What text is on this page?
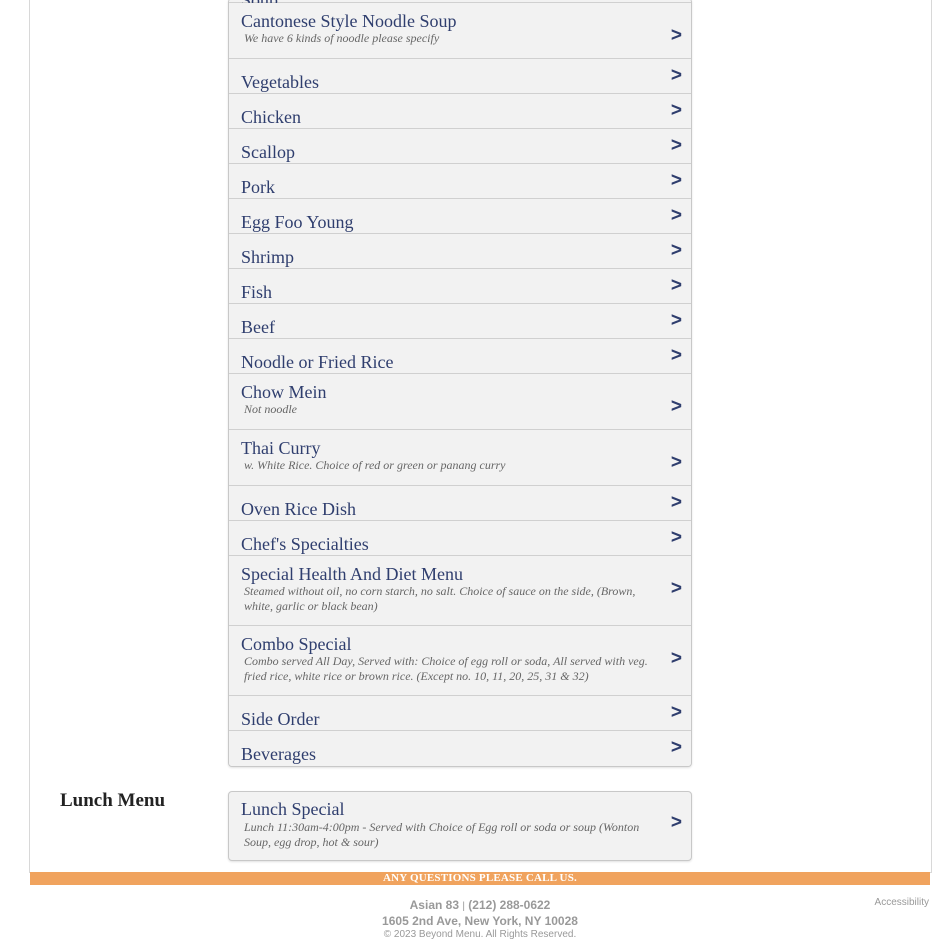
Cantonese Style Noodle Soup
We have 6 kinds of noodle please specify	>
Vegetables	>
Chicken	>
Scallop	>
Pork	>
Egg Foo Young	>
Shrimp	>
Fish	>
Beef	>
Noodle or Fried Rice	>
Chow Mein
Not noodle	>
Thai Curry
w. White Rice. Choice of red or green or panang curry	>
Oven Rice Dish	>
Chef's Specialties	>
Special Health And Diet Menu
Steamed without oil, no corn starch, no salt. Choice of sauce on the side, (Brown, white, garlic or black bean)
>
Combo Special
Combo served All Day, Served with: Choice of egg roll or soda, All served with veg. fried rice, white rice or brown rice. (Except no. 10, 11, 20, 25, 31 & 32)
>
Side Order	>
Beverages	>
Lunch Menu	Lunch Special
Lunch 11:30am-4:00pm - Served with Choice of Egg roll or soda or soup (Wonton Soup, egg drop, hot & sour)
>
ANY QUESTIONS PLEASE CALL US.
Asian 83 | (212) 288-0622
1605 2nd Ave, New York, NY 10028
© 2023 Beyond Menu. All Rights Reserved.
Accessibility
